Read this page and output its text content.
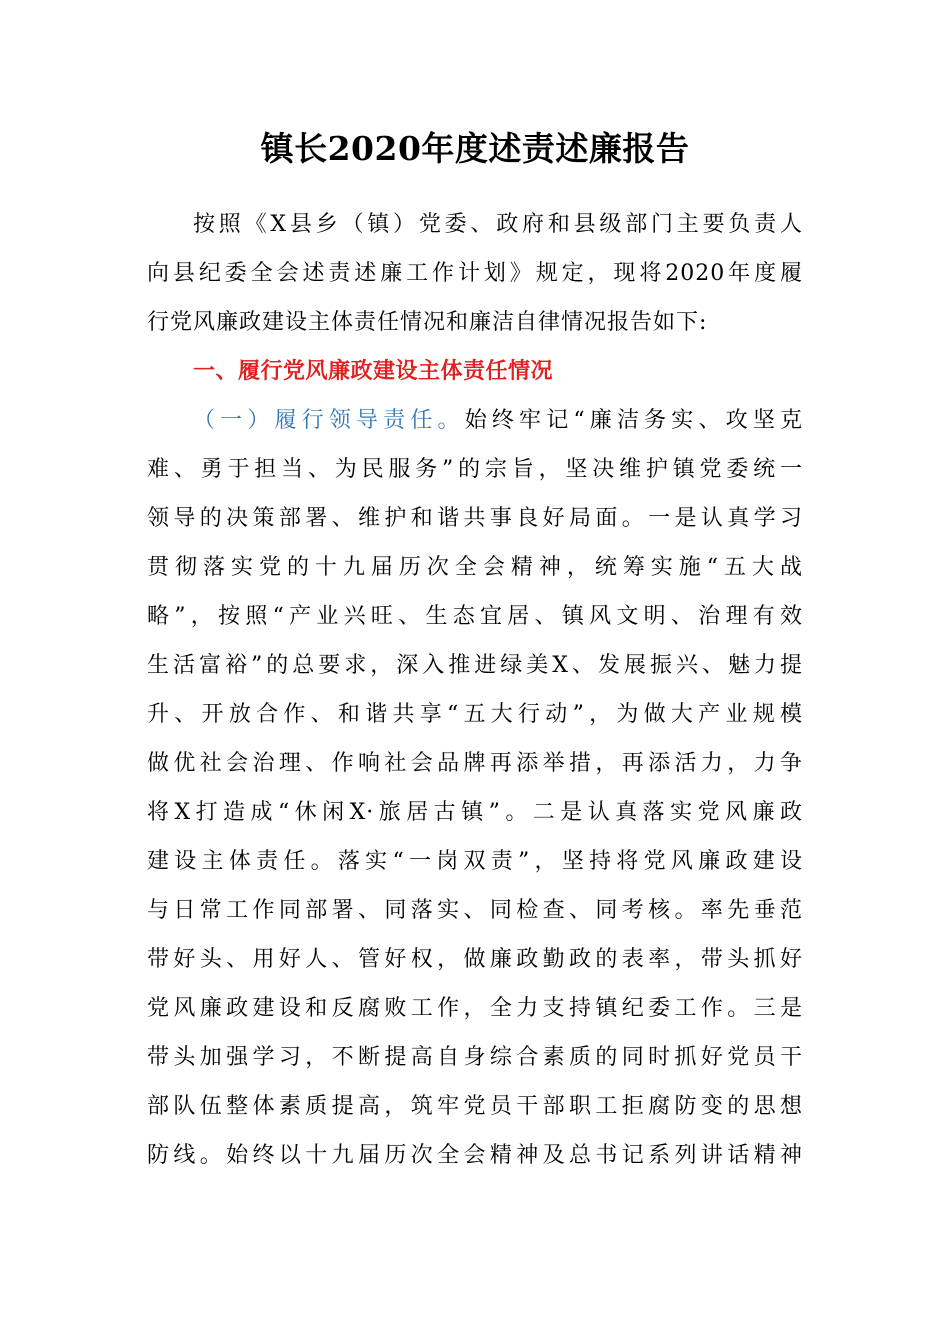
镇长2020年度述责述廉报告
按照《X县乡（镇）党委、政府和县级部门主要负责人
向县纪委全会述责述廉工作计划》规定，现将2020年度履
行党风廉政建设主体责任情况和廉洁自律情况报告如下:
一、履行党风廉政建设主体责任情况
（一）履行领导责任。始终牢记“廉洁务实、攻坚克
难、勇于担当、为民服务”的宗旨，坚决维护镇党委统一
领导的决策部署、维护和谐共事良好局面。一是认真学习
贯彻落实党的十九届历次全会精神，统筹实施“五大战
略”，按照“产业兴旺、生态宜居、镇风文明、治理有效
生活富裕”的总要求，深入推进绿美X、发展振兴、魅力提
升、开放合作、和谐共享“五大行动”，为做大产业规模
做优社会治理、作响社会品牌再添举措，再添活力，力争
将X打造成“休闲X·旅居古镇”。二是认真落实党风廉政
建设主体责任。落实“一岗双责”，坚持将党风廉政建设
与日常工作同部署、同落实、同检查、同考核。率先垂范
带好头、用好人、管好权，做廉政勤政的表率，带头抓好
党风廉政建设和反腐败工作，全力支持镇纪委工作。三是
带头加强学习，不断提高自身综合素质的同时抓好党员干
部队伍整体素质提高，筑牢党员干部职工拒腐防变的思想
防线。始终以十九届历次全会精神及总书记系列讲话精神
